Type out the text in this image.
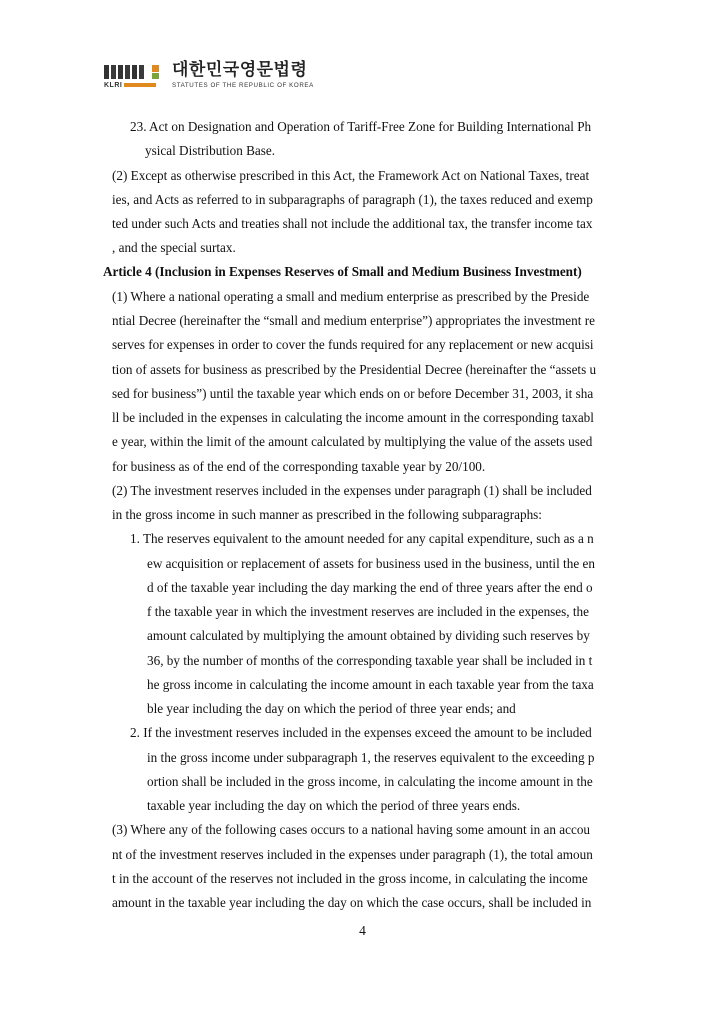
KLRI
대한민국영문법령
STATUTES OF THE REPUBLIC OF KOREA
23. Act on Designation and Operation of Tariff-Free Zone for Building International Ph
ysical Distribution Base.
(2) Except as otherwise prescribed in this Act, the Framework Act on National Taxes, treat
ies, and Acts as referred to in subparagraphs of paragraph (1), the taxes reduced and exemp
ted under such Acts and treaties shall not include the additional tax, the transfer income tax
, and the special surtax.
Article 4 (Inclusion in Expenses Reserves of Small and Medium Business Investment)
(1) Where a national operating a small and medium enterprise as prescribed by the Preside
ntial Decree (hereinafter the “small and medium enterprise”) appropriates the investment re
serves for expenses in order to cover the funds required for any replacement or new acquisi
tion of assets for business as prescribed by the Presidential Decree (hereinafter the “assets u
sed for business”) until the taxable year which ends on or before December 31, 2003, it sha
ll be included in the expenses in calculating the income amount in the corresponding taxabl
e year, within the limit of the amount calculated by multiplying the value of the assets used
for business as of the end of the corresponding taxable year by 20/100.
(2) The investment reserves included in the expenses under paragraph (1) shall be included
in the gross income in such manner as prescribed in the following subparagraphs:
1. The reserves equivalent to the amount needed for any capital expenditure, such as a n
ew acquisition or replacement of assets for business used in the business, until the en
d of the taxable year including the day marking the end of three years after the end o
f the taxable year in which the investment reserves are included in the expenses, the
amount calculated by multiplying the amount obtained by dividing such reserves by
36, by the number of months of the corresponding taxable year shall be included in t
he gross income in calculating the income amount in each taxable year from the taxa
ble year including the day on which the period of three year ends; and
2. If the investment reserves included in the expenses exceed the amount to be included
in the gross income under subparagraph 1, the reserves equivalent to the exceeding p
ortion shall be included in the gross income, in calculating the income amount in the
taxable year including the day on which the period of three years ends.
(3) Where any of the following cases occurs to a national having some amount in an accou
nt of the investment reserves included in the expenses under paragraph (1), the total amoun
t in the account of the reserves not included in the gross income, in calculating the income
amount in the taxable year including the day on which the case occurs, shall be included in
4
